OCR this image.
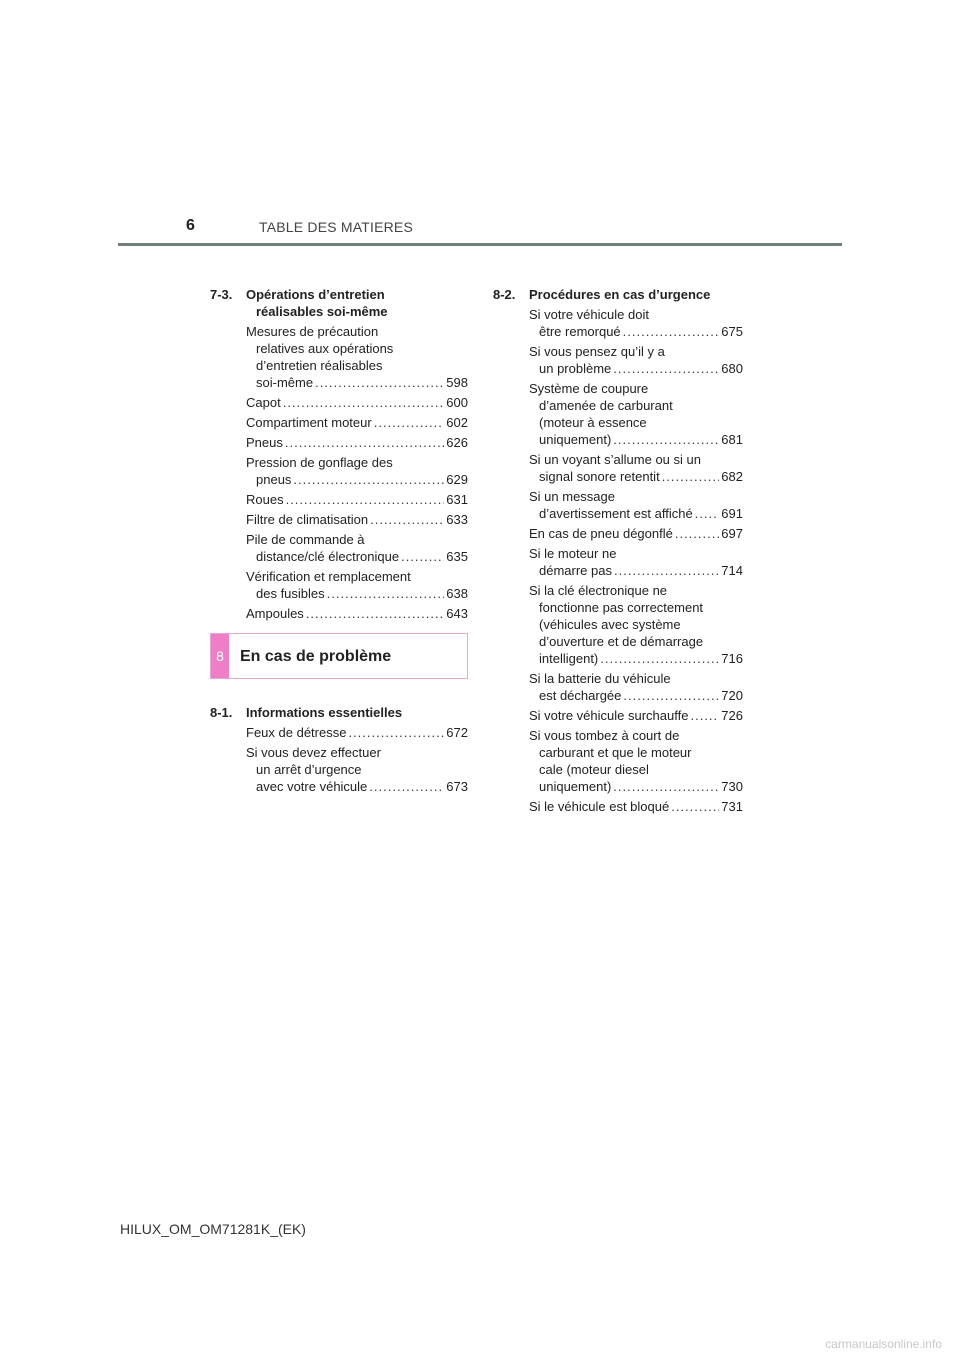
6	TABLE DES MATIERES
7-3.	Opérations d’entretien
réalisables soi-même
Mesures de précaution
relatives aux opérations
d’entretien réalisables
soi-même .....	598
Capot .....	600
Compartiment moteur .....	602
Pneus .....	626
Pression de gonflage des
pneus .....	629
Roues .....	631
Filtre de climatisation .....	633
Pile de commande à
distance/clé électronique .....	635
Vérification et remplacement
des fusibles .....	638
Ampoules .....	643
8	En cas de problème
8-1.	Informations essentielles
Feux de détresse .....	672
Si vous devez effectuer
un arrêt d’urgence
avec votre véhicule .....	673
8-2.	Procédures en cas d’urgence
Si votre véhicule doit
être remorqué .....	675
Si vous pensez qu’il y a
un problème .....	680
Système de coupure
d’amenée de carburant
(moteur à essence
uniquement) .....	681
Si un voyant s’allume ou si un
signal sonore retentit .....	682
Si un message
d’avertissement est affiché ..... 691
En cas de pneu dégonflé .....	697
Si le moteur ne
démarre pas .....	714
Si la clé électronique ne
fonctionne pas correctement
(véhicules avec système
d’ouverture et de démarrage
intelligent) .....	716
Si la batterie du véhicule
est déchargée .....	720
Si votre véhicule surchauffe .....	726
Si vous tombez à court de
carburant et que le moteur
cale (moteur diesel
uniquement) .....	730
Si le véhicule est bloqué .....	731
HILUX_OM_OM71281K_(EK)
carmanualsonline.info
